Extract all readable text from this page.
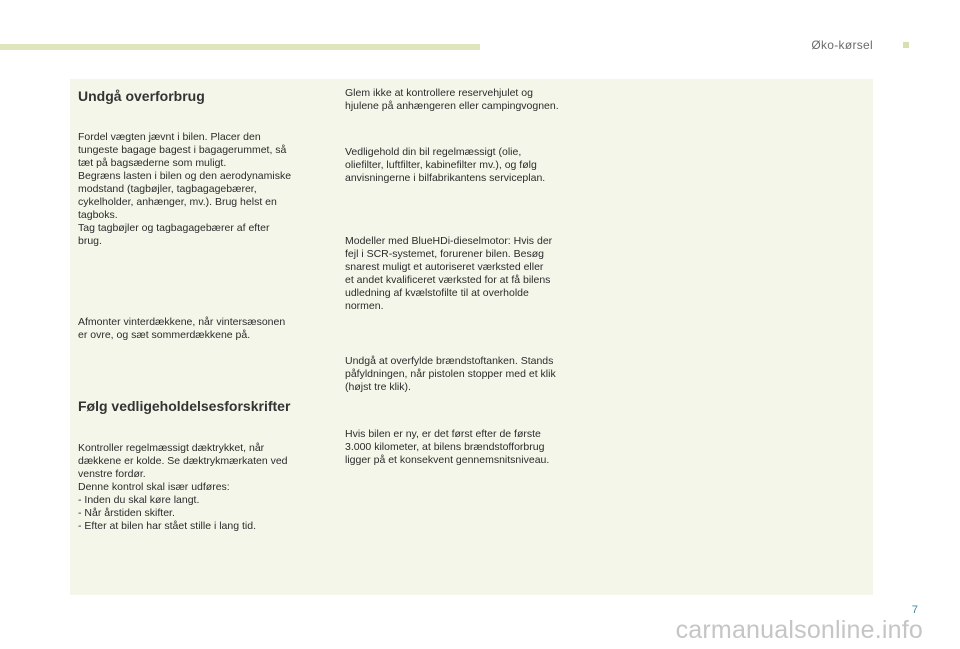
Øko-kørsel
Undgå overforbrug
Fordel vægten jævnt i bilen. Placer den
tungeste bagage bagest i bagagerummet, så
tæt på bagsæderne som muligt.
Begræns lasten i bilen og den aerodynamiske
modstand (tagbøjler, tagbagagebærer,
cykelholder, anhænger, mv.). Brug helst en
tagboks.
Tag tagbøjler og tagbagagebærer af efter
brug.
Afmonter vinterdækkene, når vintersæsonen
er ovre, og sæt sommerdækkene på.
Følg vedligeholdelsesforskrifter
Kontroller regelmæssigt dæktrykket, når
dækkene er kolde. Se dæktrykmærkaten ved
venstre fordør.
Denne kontrol skal især udføres:
- Inden du skal køre langt.
- Når årstiden skifter.
- Efter at bilen har stået stille i lang tid.
Glem ikke at kontrollere reservehjulet og
hjulene på anhængeren eller campingvognen.
Vedligehold din bil regelmæssigt (olie,
oliefilter, luftfilter, kabinefilter mv.), og følg
anvisningerne i bilfabrikantens serviceplan.
Modeller med BlueHDi-dieselmotor: Hvis der
fejl i SCR-systemet, forurener bilen. Besøg
snarest muligt et autoriseret værksted eller
et andet kvalificeret værksted for at få bilens
udledning af kvælstofilte til at overholde
normen.
Undgå at overfylde brændstoftanken. Stands
påfyldningen, når pistolen stopper med et klik
(højst tre klik).
Hvis bilen er ny, er det først efter de første
3.000 kilometer, at bilens brændstofforbrug
ligger på et konsekvent gennemsnitsniveau.
7
carmanualsonline.info
